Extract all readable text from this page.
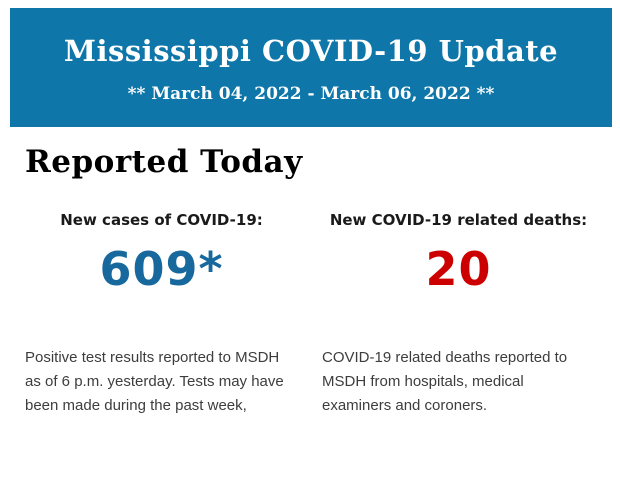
Mississippi COVID-19 Update

** March 04, 2022 - March 06, 2022 **

Reported Today
New cases of COVID-19:
609*

Positive test results reported to MSDH as of 6 p.m. yesterday. Tests may have been made during the past week,

New COVID-19 related deaths:
20

COVID-19 related deaths reported to MSDH from hospitals, medical examiners and coroners.
